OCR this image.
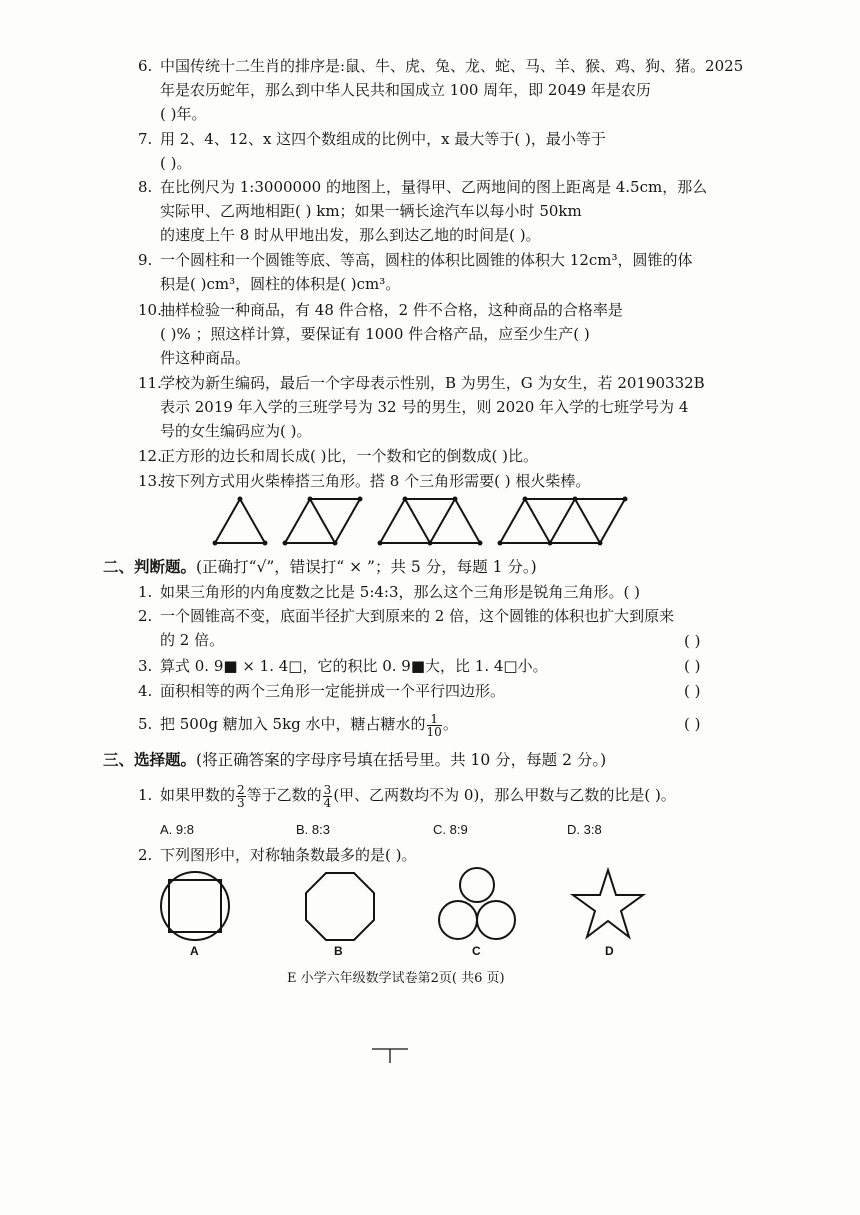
6. 中国传统十二生肖的排序是:鼠、牛、虎、兔、龙、蛇、马、羊、猴、鸡、狗、猪。2025
年是农历蛇年，那么到中华人民共和国成立 100 周年，即 2049 年是农历
( )年。
7. 用 2、4、12、x 这四个数组成的比例中，x 最大等于( )，最小等于
( )。
8. 在比例尺为 1:3000000 的地图上，量得甲、乙两地间的图上距离是 4.5cm，那么
实际甲、乙两地相距( ) km；如果一辆长途汽车以每小时 50km
的速度上午 8 时从甲地出发，那么到达乙地的时间是( )。
9. 一个圆柱和一个圆锥等底、等高，圆柱的体积比圆锥的体积大 12cm³，圆锥的体
积是( )cm³，圆柱的体积是( )cm³。
10.
抽样检验一种商品，有 48 件合格，2 件不合格，这种商品的合格率是
( )% ；照这样计算，要保证有 1000 件合格产品，应至少生产( )
件这种商品。
11.
学校为新生编码，最后一个字母表示性别，B 为男生，G 为女生，若 20190332B
表示 2019 年入学的三班学号为 32 号的男生，则 2020 年入学的七班学号为 4
号的女生编码应为( )。
12.
正方形的边长和周长成( )比，一个数和它的倒数成( )比。
13.
按下列方式用火柴棒搭三角形。搭 8 个三角形需要( ) 根火柴棒。
二、判断题。(正确打“√”，错误打“ × ”；共 5 分，每题 1 分。)
1. 如果三角形的内角度数之比是 5:4:3，那么这个三角形是锐角三角形。( )
2. 一个圆锥高不变，底面半径扩大到原来的 2 倍，这个圆锥的体积也扩大到原来
的 2 倍。	( )
3. 算式 0. 9■ × 1. 4□，它的积比 0. 9■大，比 1. 4□小。	( )
4. 面积相等的两个三角形一定能拼成一个平行四边形。	( )
5. 把 500g 糖加入 5kg 水中，糖占糖水的 $\frac{1}{10}$ 。	( )
三、选择题。(将正确答案的字母序号填在括号里。共 10 分，每题 2 分。)
1. 如果甲数的 $\frac{2}{3}$ 等于乙数的 $\frac{3}{4}$ (甲、乙两数均不为 0)，那么甲数与乙数的比是( )。
A. 9:8	B. 8:3	C. 8:9	D. 3:8
2. 下列图形中，对称轴条数最多的是( )。
A	B	C	D
E 小学六年级数学试卷第2页( 共6 页)
